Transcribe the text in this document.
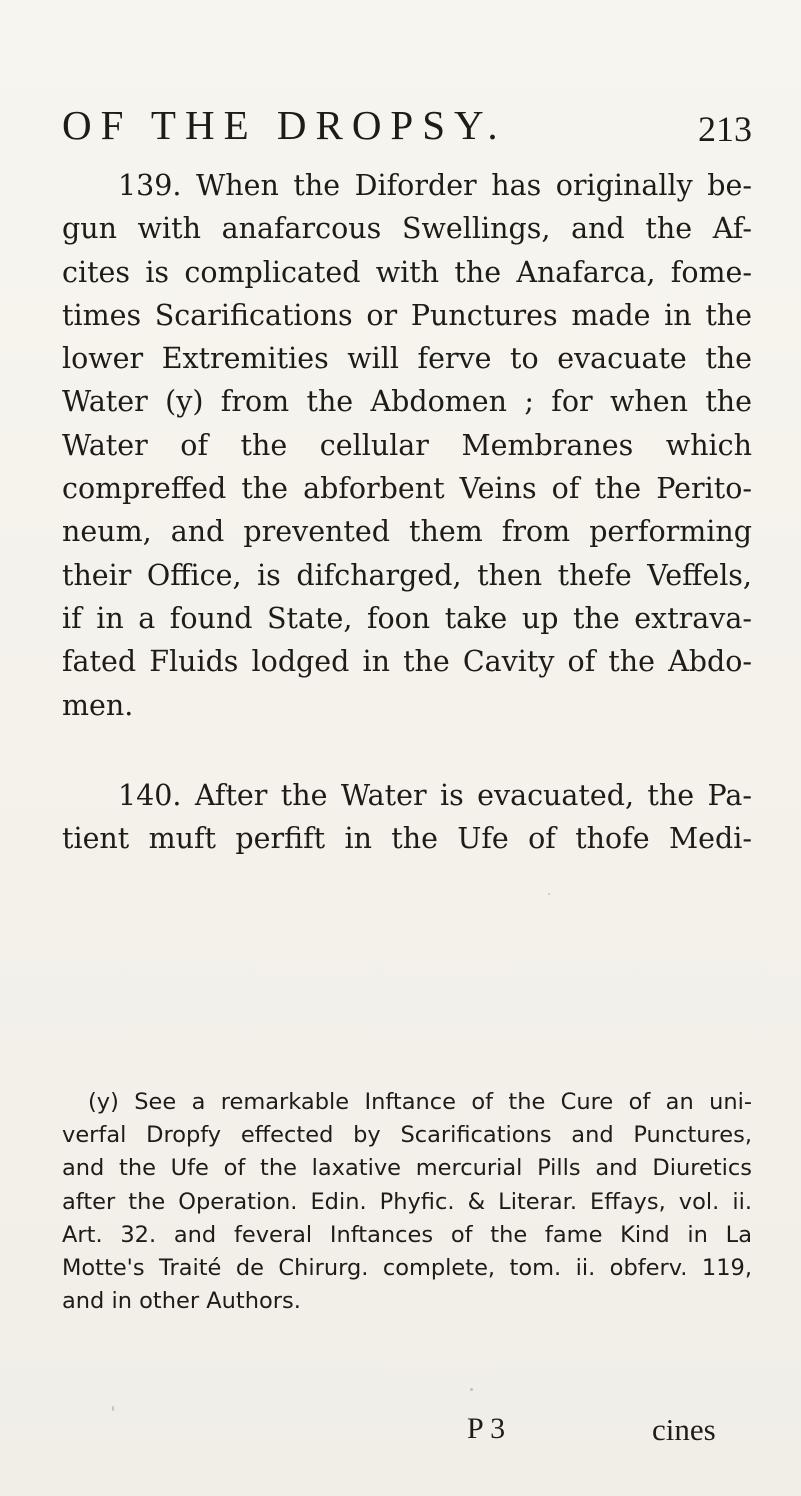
OF THE DROPSY.	213

139. When the Diforder has originally be-
gun with anafarcous Swellings, and the Af-
cites is complicated with the Anafarca, fome-
times Scarifications or Punctures made in the
lower Extremities will ferve to evacuate the
Water (y) from the Abdomen ; for when the
Water of the cellular Membranes which
compreffed the abforbent Veins of the Perito-
neum, and prevented them from performing
their Office, is difcharged, then thefe Veffels,
if in a found State, foon take up the extrava-
fated Fluids lodged in the Cavity of the Abdo-
men.

140. After the Water is evacuated, the Pa-
tient muft perfift in the Ufe of thofe Medi-

(y) See a remarkable Inftance of the Cure of an uni-
verfal Dropfy effected by Scarifications and Punctures,
and the Ufe of the laxative mercurial Pills and Diuretics
after the Operation. Edin. Phyfic. & Literar. Effays, vol. ii.
Art. 32. and feveral Inftances of the fame Kind in La
Motte's Traité de Chirurg. complete, tom. ii. obferv. 119,
and in other Authors.
P 3	cines
